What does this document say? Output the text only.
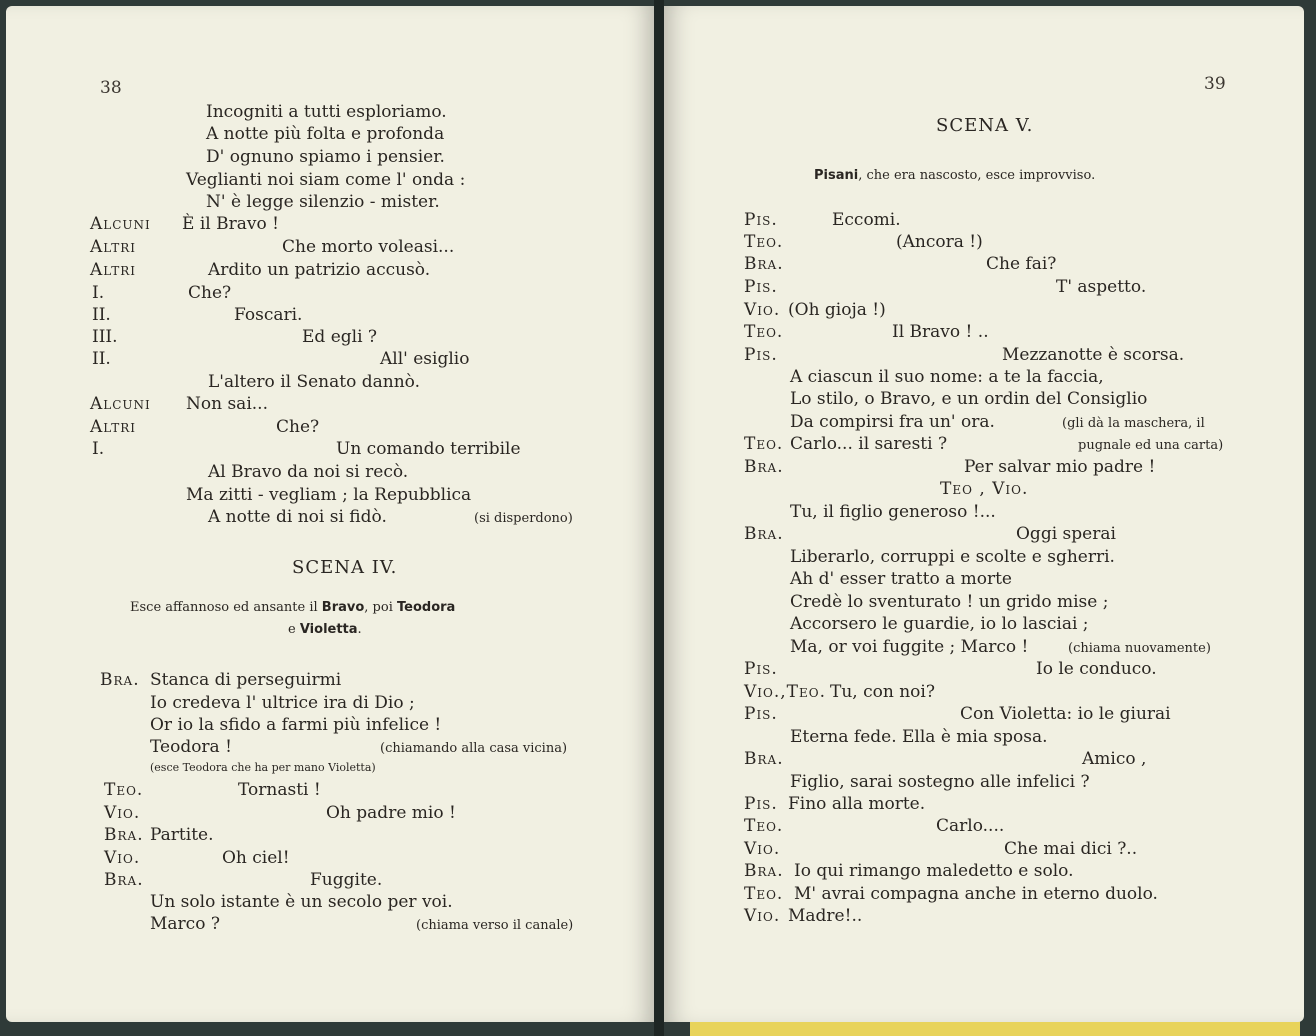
38
Incogniti a tutti esploriamo.
A notte più folta e profonda
D' ognuno spiamo i pensier.
Veglianti noi siam come l' onda :
N' è legge silenzio - mister.
Alcuni È il Bravo !
Altri	Che morto voleasi...
Altri	Ardito un patrizio accusò.
I.	Che?
II.	Foscari.
III.	Ed egli ?
II.	All' esiglio
L'altero il Senato dannò.
Alcuni Non sai...
Altri	Che?
I.	Un comando terribile
Al Bravo da noi si recò.
Ma zitti - vegliam ; la Repubblica
A notte di noi si fidò.	(si disperdono)
SCENA IV.
Esce affannoso ed ansante il Bravo, poi Teodora
e Violetta.
Bra. Stanca di perseguirmi
Io credeva l' ultrice ira di Dio ;
Or io la sfido a farmi più infelice !
Teodora !	(chiamando alla casa vicina)
(esce Teodora che ha per mano Violetta)
Teo.	Tornasti !
Vio.	Oh padre mio !
Bra. Partite.
Vio.	Oh ciel!
Bra.	Fuggite.
Un solo istante è un secolo per voi.
Marco ?	(chiama verso il canale)
39
SCENA V.
Pisani, che era nascosto, esce improvviso.
Pis.	Eccomi.
Teo.	(Ancora !)
Bra.	Che fai?
Pis.	T' aspetto.
Vio. (Oh gioja !)
Teo.	Il Bravo ! ..
Pis.	Mezzanotte è scorsa.
A ciascun il suo nome: a te la faccia,
Lo stilo, o Bravo, e un ordin del Consiglio
Da compirsi fra un' ora.	(gli dà la maschera, il
Teo. Carlo... il saresti ?	pugnale ed una carta)
Bra.	Per salvar mio padre !
Teo , Vio.
Tu, il figlio generoso !...
Bra.	Oggi sperai
Liberarlo, corruppi e scolte e sgherri.
Ah d' esser tratto a morte
Credè lo sventurato ! un grido mise ;
Accorsero le guardie, io lo lasciai ;
Ma, or voi fuggite ; Marco !	(chiama nuovamente)
Pis.	Io le conduco.
Vio.,Teo. Tu, con noi?
Pis.	Con Violetta: io le giurai
Eterna fede. Ella è mia sposa.
Bra.	Amico ,
Figlio, sarai sostegno alle infelici ?
Pis. Fino alla morte.
Teo.	Carlo....
Vio.	Che mai dici ?..
Bra. Io qui rimango maledetto e solo.
Teo. M' avrai compagna anche in eterno duolo.
Vio. Madre!..
